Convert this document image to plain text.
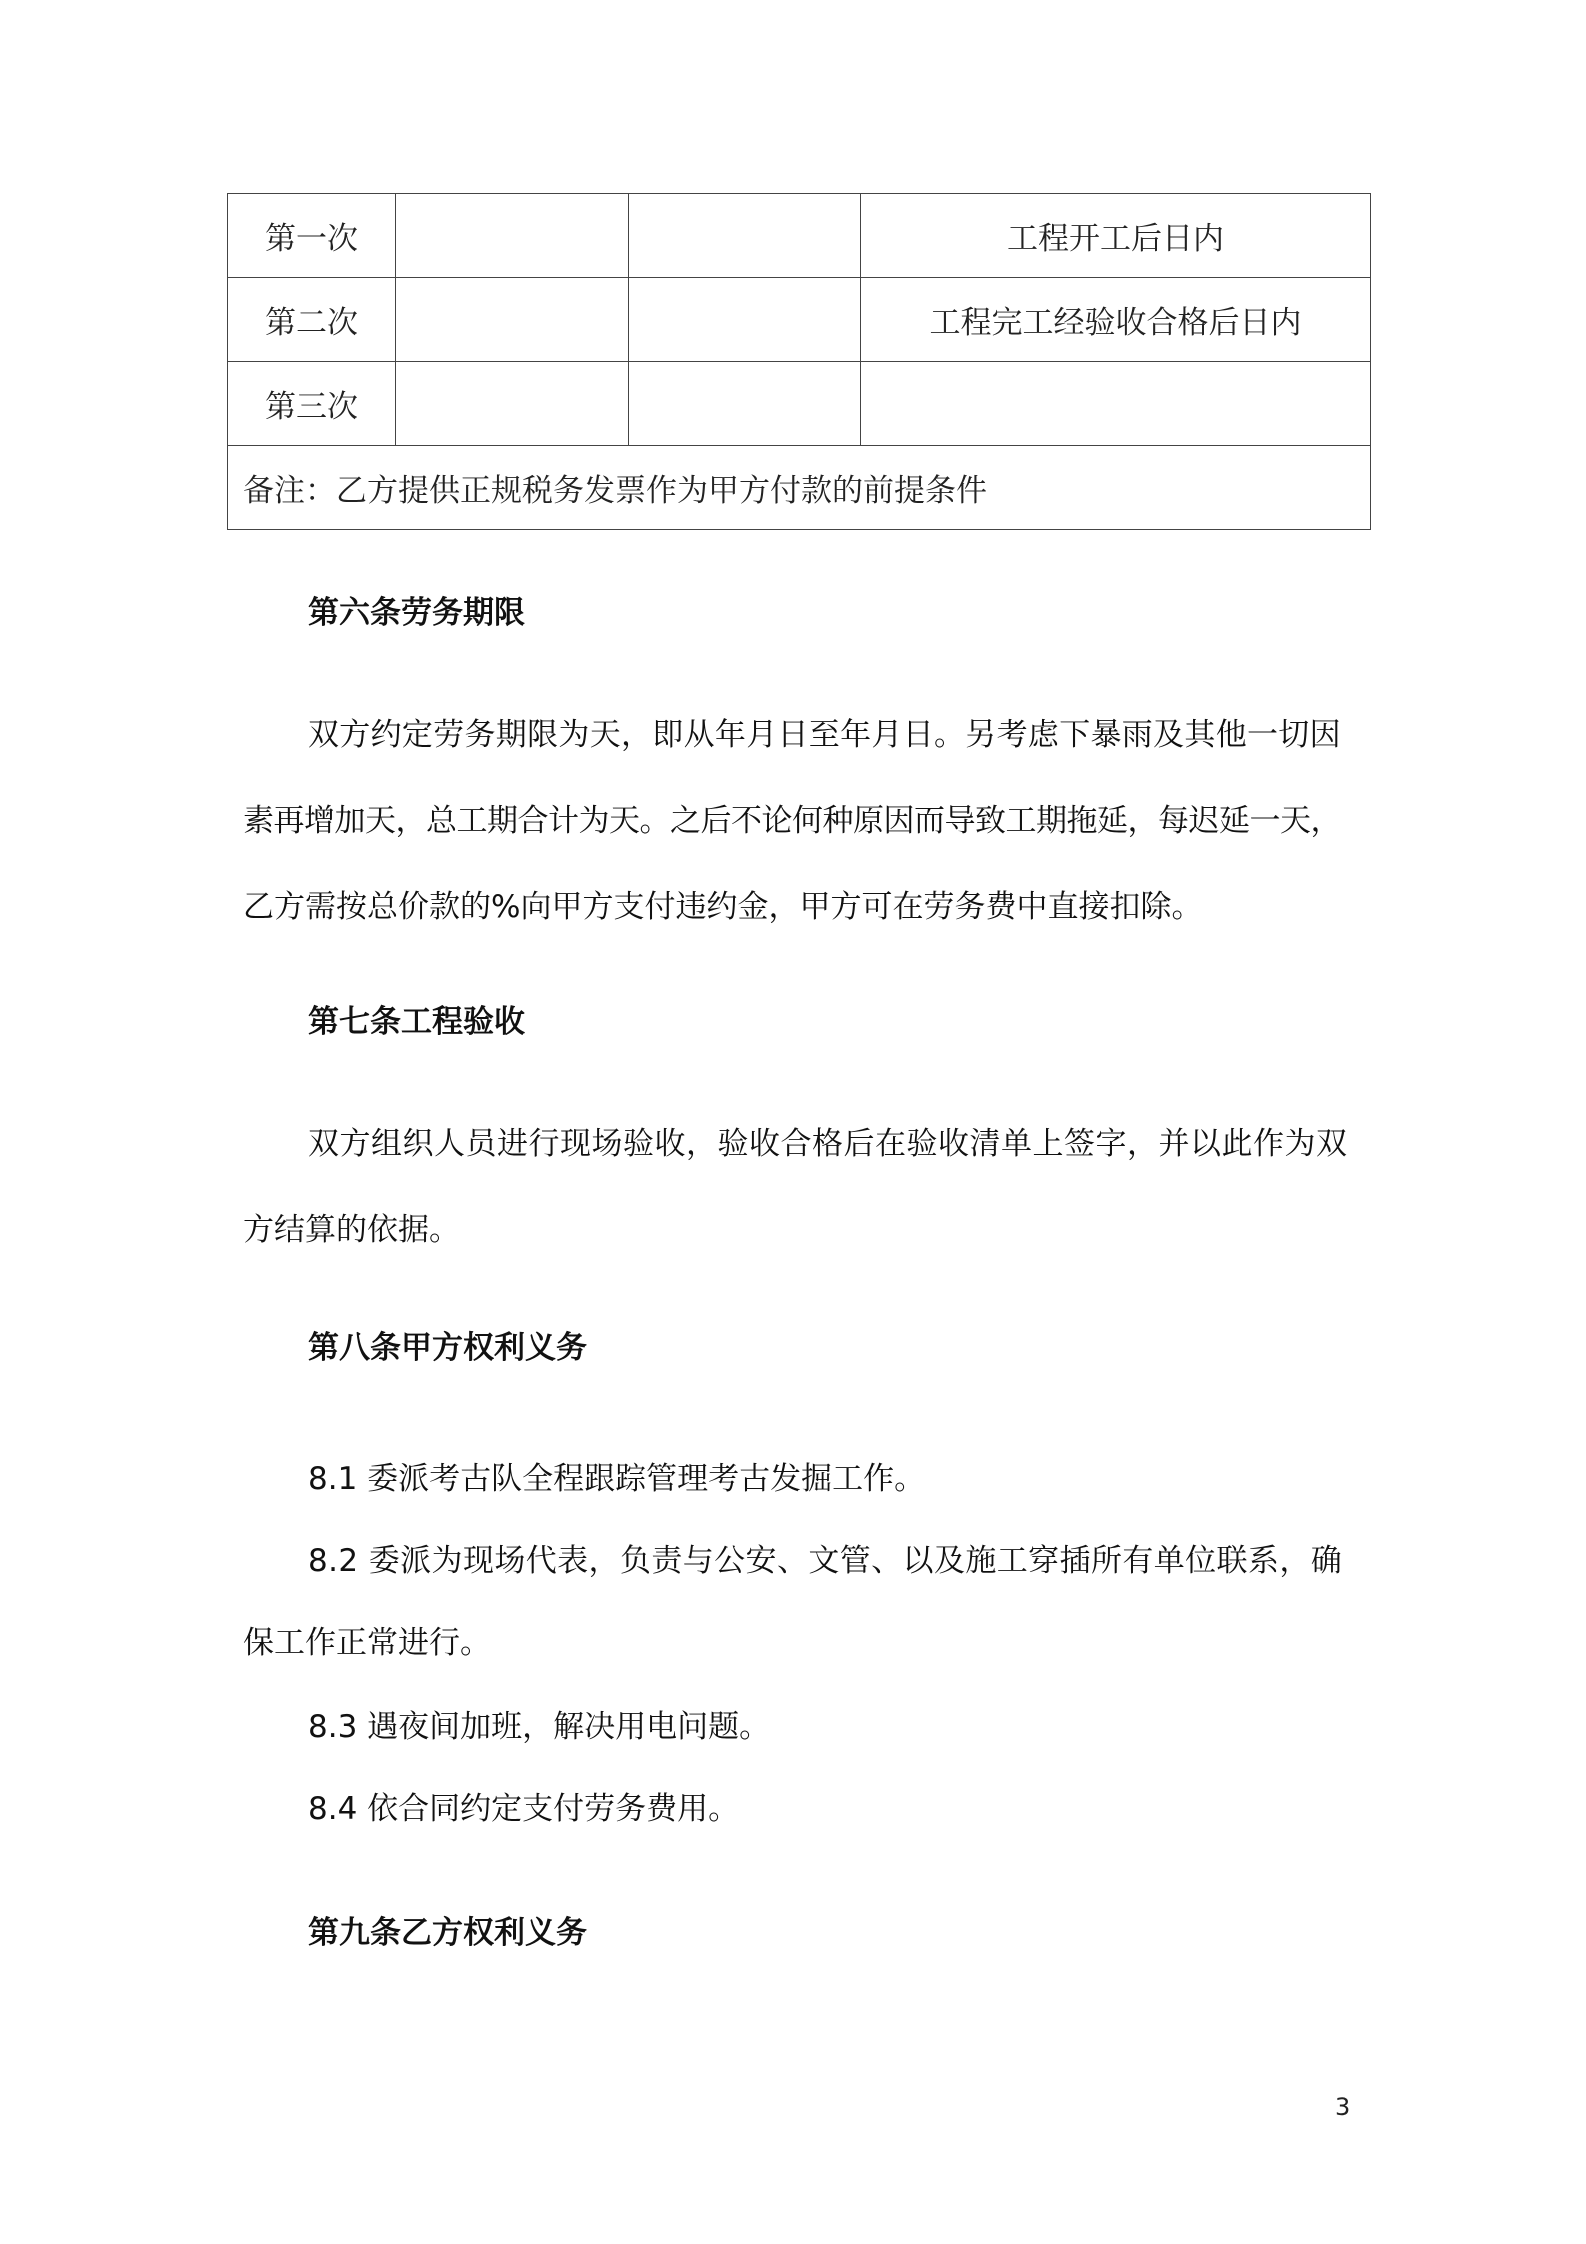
第一次			工程开工后日内
第二次			工程完工经验收合格后日内
第三次			
备注：乙方提供正规税务发票作为甲方付款的前提条件			
第六条劳务期限
双方约定劳务期限为天，即从年月日至年月日。另考虑下暴雨及其他一切因
素再增加天，总工期合计为天。之后不论何种原因而导致工期拖延，每迟延一天，
乙方需按总价款的%向甲方支付违约金，甲方可在劳务费中直接扣除。
第七条工程验收
双方组织人员进行现场验收，验收合格后在验收清单上签字，并以此作为双
方结算的依据。
第八条甲方权利义务
8.1 委派考古队全程跟踪管理考古发掘工作。
8.2 委派为现场代表，负责与公安、文管、以及施工穿插所有单位联系，确
保工作正常进行。
8.3 遇夜间加班，解决用电问题。
8.4 依合同约定支付劳务费用。
第九条乙方权利义务
3
